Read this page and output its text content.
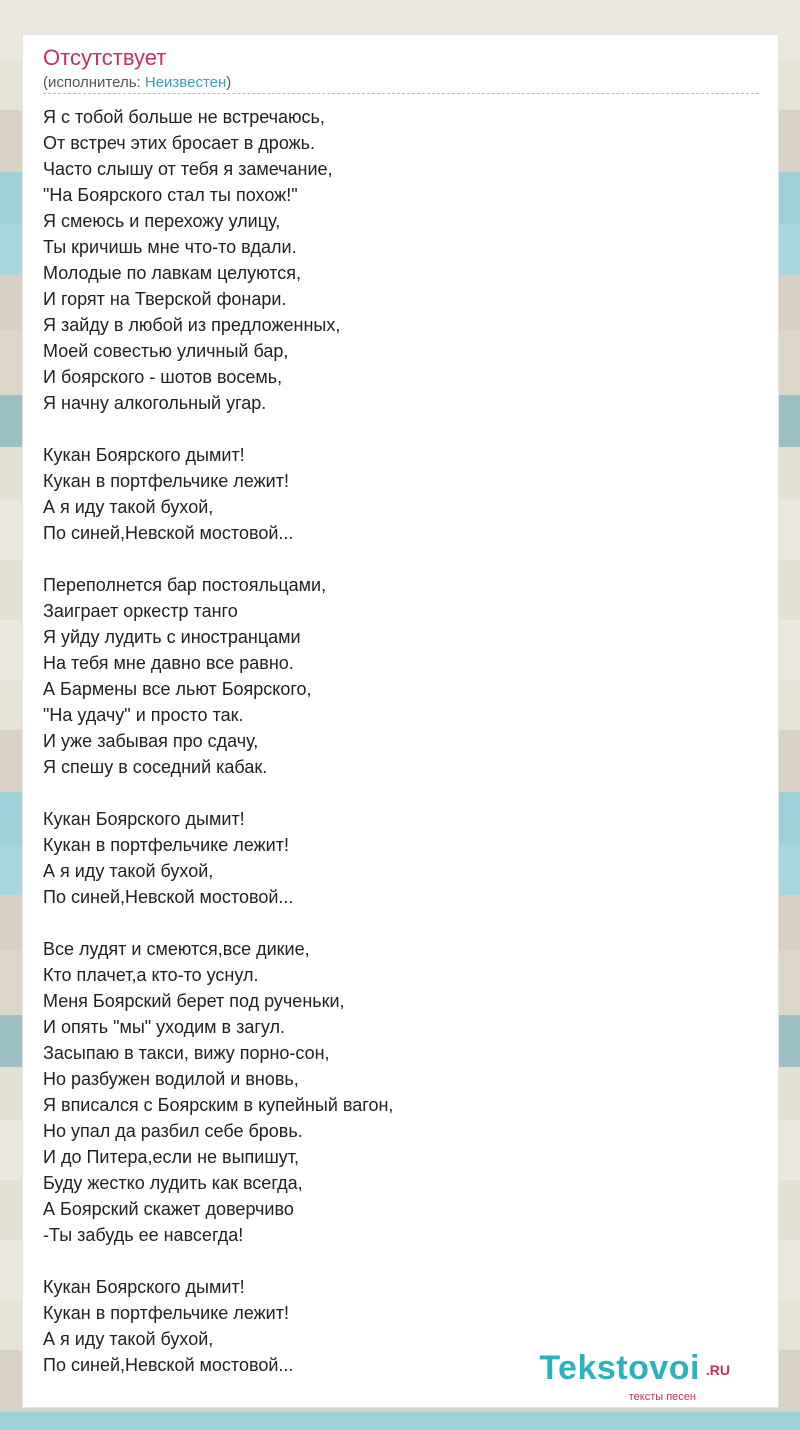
Отсутствует
(исполнитель: Неизвестен)
Я с тобой больше не встречаюсь,
От встреч этих бросает в дрожь.
Часто слышу от тебя я замечание,
"На Боярского стал ты похож!"
Я смеюсь и перехожу улицу,
Ты кричишь мне что-то вдали.
Молодые по лавкам целуются,
И горят на Тверской фонари.
Я зайду в любой из предложенных,
Моей совестью уличный бар,
И боярского - шотов восемь,
Я начну алкогольный угар.
Кукан Боярского дымит!
Кукан в портфельчике лежит!
А я иду такой бухой,
По синей,Невской мостовой...
Переполнется бар постояльцами,
Заиграет оркестр танго
Я уйду лудить с иностранцами
На тебя мне давно все равно.
А Бармены все льют Боярского,
"На удачу" и просто так.
И уже забывая про сдачу,
Я спешу в соседний кабак.
Кукан Боярского дымит!
Кукан в портфельчике лежит!
А я иду такой бухой,
По синей,Невской мостовой...
Все лудят и смеются,все дикие,
Кто плачет,а кто-то уснул.
Меня Боярский берет под рученьки,
И опять "мы" уходим в загул.
Засыпаю в такси, вижу порно-сон,
Но разбужен водилой и вновь,
Я вписался с Боярским в купейный вагон,
Но упал да разбил себе бровь.
И до Питера,если не выпишут,
Буду жестко лудить как всегда,
А Боярский скажет доверчиво
-Ты забудь ее навсегда!
Кукан Боярского дымит!
Кукан в портфельчике лежит!
А я иду такой бухой,
По синей,Невской мостовой...	Tekstovoi .RU
тексты песен
